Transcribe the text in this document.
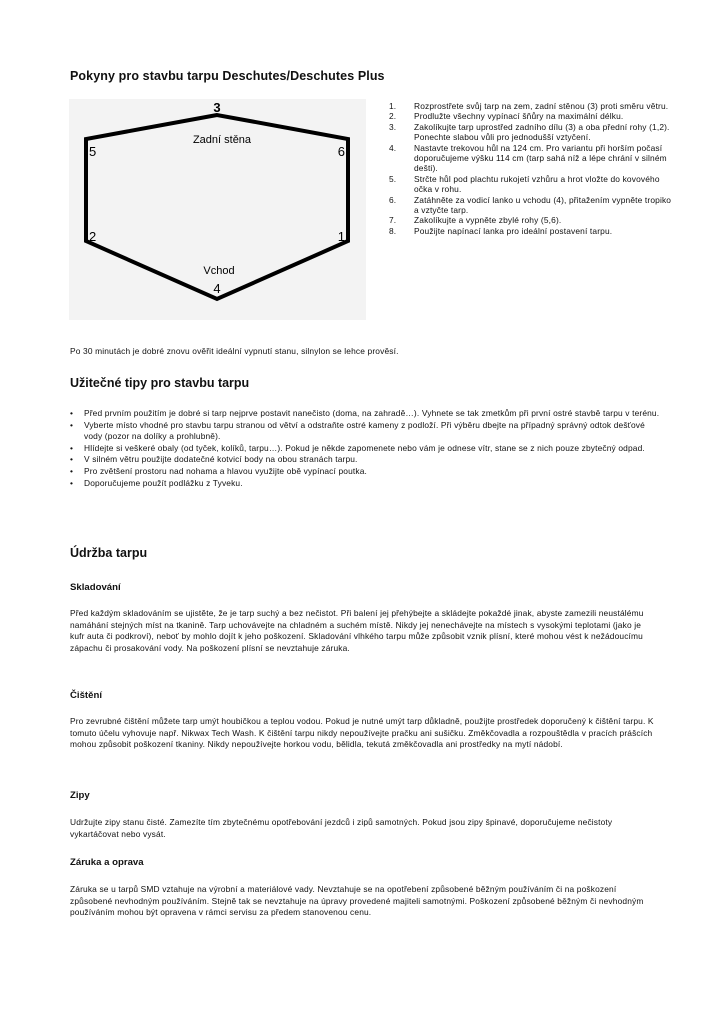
Pokyny pro stavbu tarpu Deschutes/Deschutes Plus
3
Zadní stěna
5	6
2	1
Vchod
4
1. Rozprostřete svůj tarp na zem, zadní stěnou (3) proti směru větru.
2. Prodlužte všechny vypínací šňůry na maximální délku.
3. Zakolíkujte tarp uprostřed zadního dílu (3) a oba přední rohy (1,2). Ponechte slabou vůli pro jednodušší vztyčení.
4. Nastavte trekovou hůl na 124 cm. Pro variantu při horším počasí doporučujeme výšku 114 cm (tarp sahá níž a lépe chrání v silném dešti).
5. Strčte hůl pod plachtu rukojetí vzhůru a hrot vložte do kovového očka v rohu.
6. Zatáhněte za vodicí lanko u vchodu (4), přitažením vypněte tropiko a vztyčte tarp.
7. Zakolíkujte a vypněte zbylé rohy (5,6).
8. Použijte napínací lanka pro ideální postavení tarpu.

Po 30 minutách je dobré znovu ověřit ideální vypnutí stanu, silnylon se lehce prověsí.

Užitečné tipy pro stavbu tarpu
• Před prvním použitím je dobré si tarp nejprve postavit nanečisto (doma, na zahradě…). Vyhnete se tak zmetkům při první ostré stavbě tarpu v terénu.
• Vyberte místo vhodné pro stavbu tarpu stranou od větví a odstraňte ostré kameny z podloží. Při výběru dbejte na případný správný odtok dešťové vody (pozor na dolíky a prohlubně).
• Hlídejte si veškeré obaly (od tyček, kolíků, tarpu…). Pokud je někde zapomenete nebo vám je odnese vítr, stane se z nich pouze zbytečný odpad.
• V silném větru použijte dodatečné kotvicí body na obou stranách tarpu.
• Pro zvětšení prostoru nad nohama a hlavou využijte obě vypínací poutka.
• Doporučujeme použít podlážku z Tyveku.
Údržba tarpu
Skladování

Před každým skladováním se ujistěte, že je tarp suchý a bez nečistot. Při balení jej přehýbejte a skládejte pokaždé jinak, abyste zamezili neustálému namáhání stejných míst na tkanině. Tarp uchovávejte na chladném a suchém místě. Nikdy jej nenechávejte na místech s vysokými teplotami (jako je kufr auta či podkroví), neboť by mohlo dojít k jeho poškození. Skladování vlhkého tarpu může způsobit vznik plísní, které mohou vést k nežádoucímu zápachu či prosakování vody. Na poškození plísní se nevztahuje záruka.

Čištění

Pro zevrubné čištění můžete tarp umýt houbičkou a teplou vodou. Pokud je nutné umýt tarp důkladně, použijte prostředek doporučený k čištění tarpu. K tomuto účelu vyhovuje např. Nikwax Tech Wash. K čištění tarpu nikdy nepoužívejte pračku ani sušičku. Změkčovadla a rozpouštědla v pracích prášcích mohou způsobit poškození tkaniny. Nikdy nepoužívejte horkou vodu, bělidla, tekutá změkčovadla ani prostředky na mytí nádobí.

Zipy

Udržujte zipy stanu čisté. Zamezíte tím zbytečnému opotřebování jezdců i zipů samotných. Pokud jsou zipy špinavé, doporučujeme nečistoty vykartáčovat nebo vysát.

Záruka a oprava

Záruka se u tarpů SMD vztahuje na výrobní a materiálové vady. Nevztahuje se na opotřebení způsobené běžným používáním či na poškození způsobené nevhodným používáním. Stejně tak se nevztahuje na úpravy provedené majiteli samotnými. Poškození způsobené běžným či nevhodným používáním mohou být opravena v rámci servisu za předem stanovenou cenu.
